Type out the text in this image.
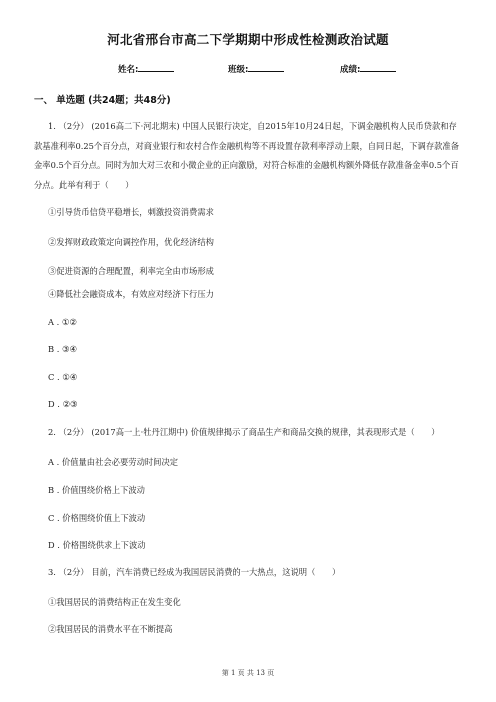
河北省邢台市高二下学期期中形成性检测政治试题
姓名:	班级:	成绩:
一、 单选题 (共24题；共48分)
1. （2分） (2016高二下·河北期末) 中国人民银行决定，自2015年10月24日起，下调金融机构人民币贷款和存款基准利率0.25个百分点，对商业银行和农村合作金融机构等不再设置存款利率浮动上限，自同日起，下调存款准备金率0.5个百分点。同时为加大对三农和小微企业的正向激励，对符合标准的金融机构额外降低存款准备金率0.5个百分点。此举有利于（　　）
①引导货币信贷平稳增长，刺激投资消费需求
②发挥财政政策定向调控作用，优化经济结构
③促进资源的合理配置，利率完全由市场形成
④降低社会融资成本，有效应对经济下行压力
A . ①②
B . ③④
C . ①④
D . ②③
2. （2分） (2017高一上·牡丹江期中) 价值规律揭示了商品生产和商品交换的规律，其表现形式是（　　）
A . 价值量由社会必要劳动时间决定
B . 价值围绕价格上下波动
C . 价格围绕价值上下波动
D . 价格围绕供求上下波动
3. （2分） 目前，汽车消费已经成为我国居民消费的一大热点，这说明（　　）
①我国居民的消费结构正在发生变化
②我国居民的消费水平在不断提高
第 1 页 共 13 页
